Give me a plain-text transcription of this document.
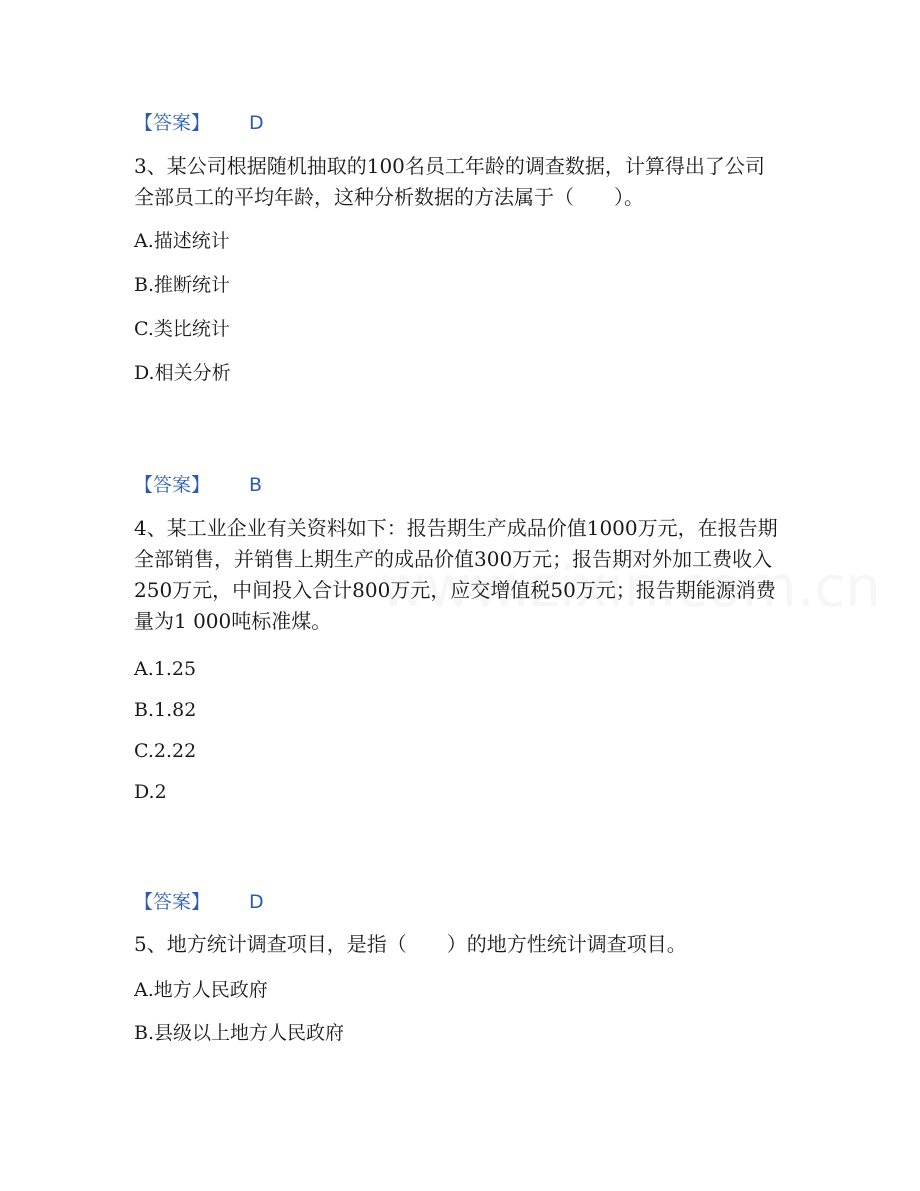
【答案】 D
3、某公司根据随机抽取的100名员工年龄的调查数据，计算得出了公司全部员工的平均年龄，这种分析数据的方法属于（　　）。
A.描述统计
B.推断统计
C.类比统计
D.相关分析
【答案】 B
4、某工业企业有关资料如下：报告期生产成品价值1000万元，在报告期全部销售，并销售上期生产的成品价值300万元；报告期对外加工费收入250万元，中间投入合计800万元，应交增值税50万元；报告期能源消费量为1 000吨标准煤。
A.1.25
B.1.82
C.2.22
D.2
【答案】 D
5、地方统计调查项目，是指（　　）的地方性统计调查项目。
A.地方人民政府
B.县级以上地方人民政府
